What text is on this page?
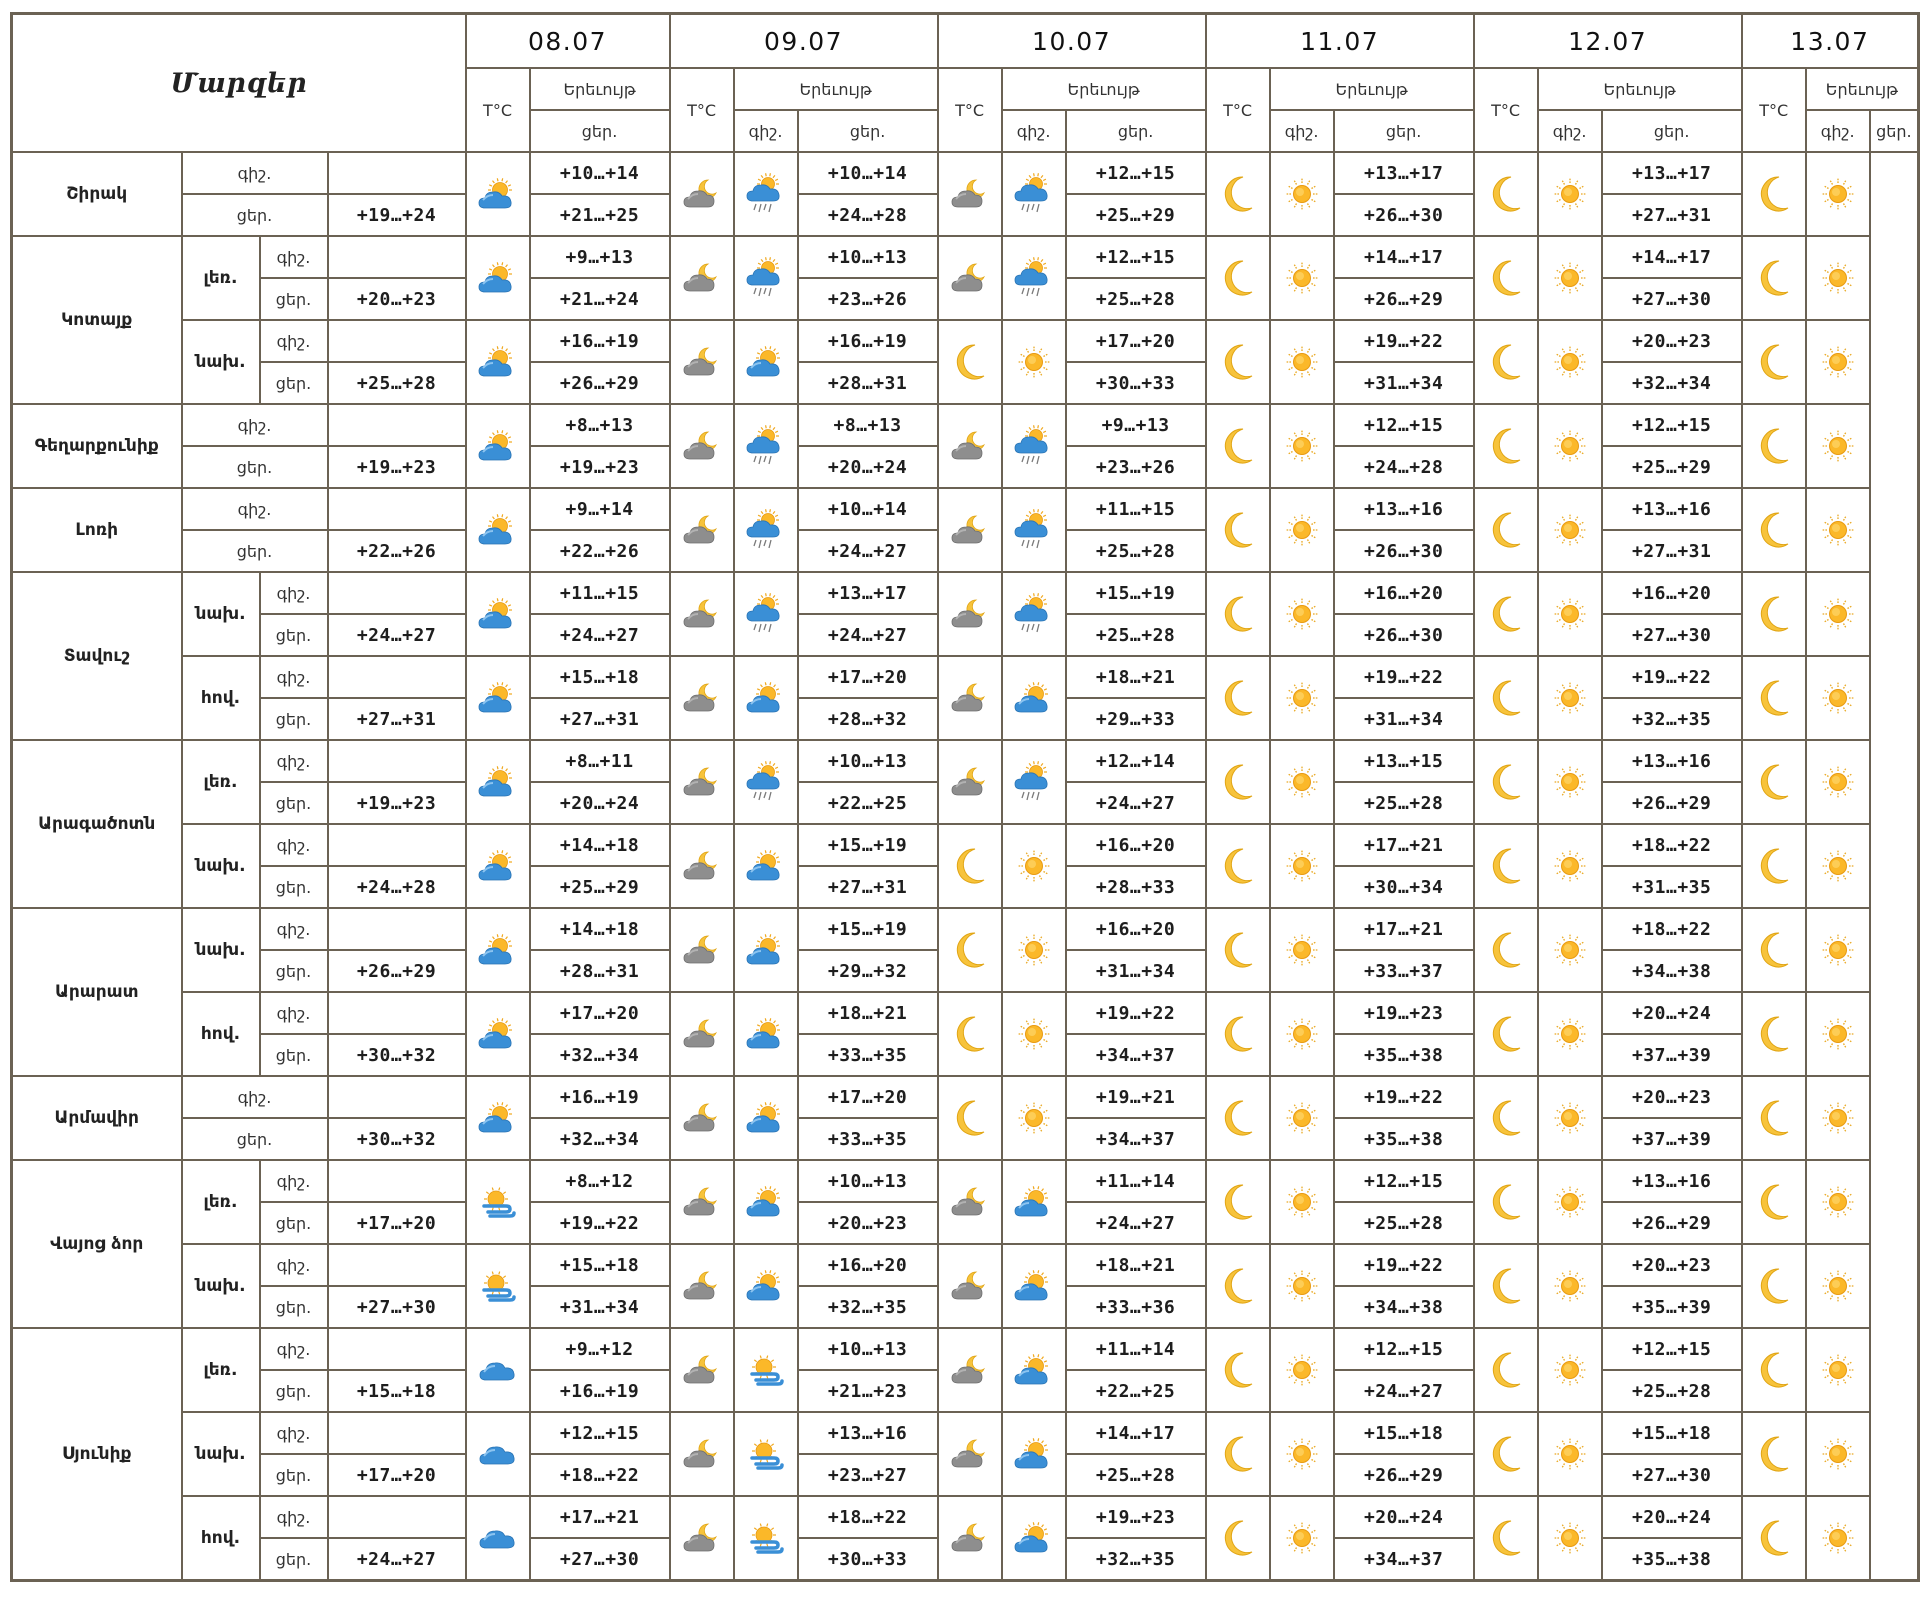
Մարզեր				08.07		09.07			10.07			11.07			12.07			13.07		
				T°C	Երեւույթ	T°C	Երեւույթ		T°C	Երեւույթ		T°C	Երեւույթ		T°C	Երեւույթ		T°C	Երեւույթ	
					ցեր.		գիշ.	ցեր.		գիշ.	ցեր.		գիշ.	ցեր.		գիշ.	ցեր.		գիշ.	ցեր.
Շիրակ	գիշ.				+10…+14			+10…+14			+12…+15			+13…+17			+13…+17	

	ցեր.		+19…+24		+21…+25			+24…+28			+25…+29			+26…+30			+27…+31			
Կոտայք	լեռ.	գիշ.			+9…+13			+10…+13			+12…+15			+14…+17			+14…+17	

		ցեր.	+20…+23		+21…+24			+23…+26			+25…+28			+26…+29			+27…+30			
	նախ.	գիշ.			+16…+19			+16…+19			+17…+20			+19…+22			+20…+23	

		ցեր.	+25…+28		+26…+29			+28…+31			+30…+33			+31…+34			+32…+34			
Գեղարքունիք	գիշ.				+8…+13			+8…+13			+9…+13			+12…+15			+12…+15	

	ցեր.		+19…+23		+19…+23			+20…+24			+23…+26			+24…+28			+25…+29			
Լոռի	գիշ.				+9…+14			+10…+14			+11…+15			+13…+16			+13…+16	

	ցեր.		+22…+26		+22…+26			+24…+27			+25…+28			+26…+30			+27…+31			
Տավուշ	նախ.	գիշ.			+11…+15			+13…+17			+15…+19			+16…+20			+16…+20	

		ցեր.	+24…+27		+24…+27			+24…+27			+25…+28			+26…+30			+27…+30			
	հով.	գիշ.			+15…+18			+17…+20			+18…+21			+19…+22			+19…+22	

		ցեր.	+27…+31		+27…+31			+28…+32			+29…+33			+31…+34			+32…+35			
Արագածոտն	լեռ.	գիշ.			+8…+11			+10…+13			+12…+14			+13…+15			+13…+16	

		ցեր.	+19…+23		+20…+24			+22…+25			+24…+27			+25…+28			+26…+29			
	նախ.	գիշ.			+14…+18			+15…+19			+16…+20			+17…+21			+18…+22	

		ցեր.	+24…+28		+25…+29			+27…+31			+28…+33			+30…+34			+31…+35			
Արարատ	նախ.	գիշ.			+14…+18			+15…+19			+16…+20			+17…+21			+18…+22	

		ցեր.	+26…+29		+28…+31			+29…+32			+31…+34			+33…+37			+34…+38			
	հով.	գիշ.			+17…+20			+18…+21			+19…+22			+19…+23			+20…+24	

		ցեր.	+30…+32		+32…+34			+33…+35			+34…+37			+35…+38			+37…+39			
Արմավիր	գիշ.				+16…+19			+17…+20			+19…+21			+19…+22			+20…+23	

	ցեր.		+30…+32		+32…+34			+33…+35			+34…+37			+35…+38			+37…+39			
Վայոց ձոր	լեռ.	գիշ.			+8…+12			+10…+13			+11…+14			+12…+15			+13…+16	

		ցեր.	+17…+20		+19…+22			+20…+23			+24…+27			+25…+28			+26…+29			
	նախ.	գիշ.			+15…+18			+16…+20			+18…+21			+19…+22			+20…+23	

		ցեր.	+27…+30		+31…+34			+32…+35			+33…+36			+34…+38			+35…+39			
Սյունիք	լեռ.	գիշ.			+9…+12			+10…+13			+11…+14			+12…+15			+12…+15	

		ցեր.	+15…+18		+16…+19			+21…+23			+22…+25			+24…+27			+25…+28			
	նախ.	գիշ.			+12…+15			+13…+16			+14…+17			+15…+18			+15…+18	

		ցեր.	+17…+20		+18…+22			+23…+27			+25…+28			+26…+29			+27…+30			
	հով.	գիշ.			+17…+21			+18…+22			+19…+23			+20…+24			+20…+24	

		ցեր.	+24…+27		+27…+30			+30…+33			+32…+35			+34…+37			+35…+38			
